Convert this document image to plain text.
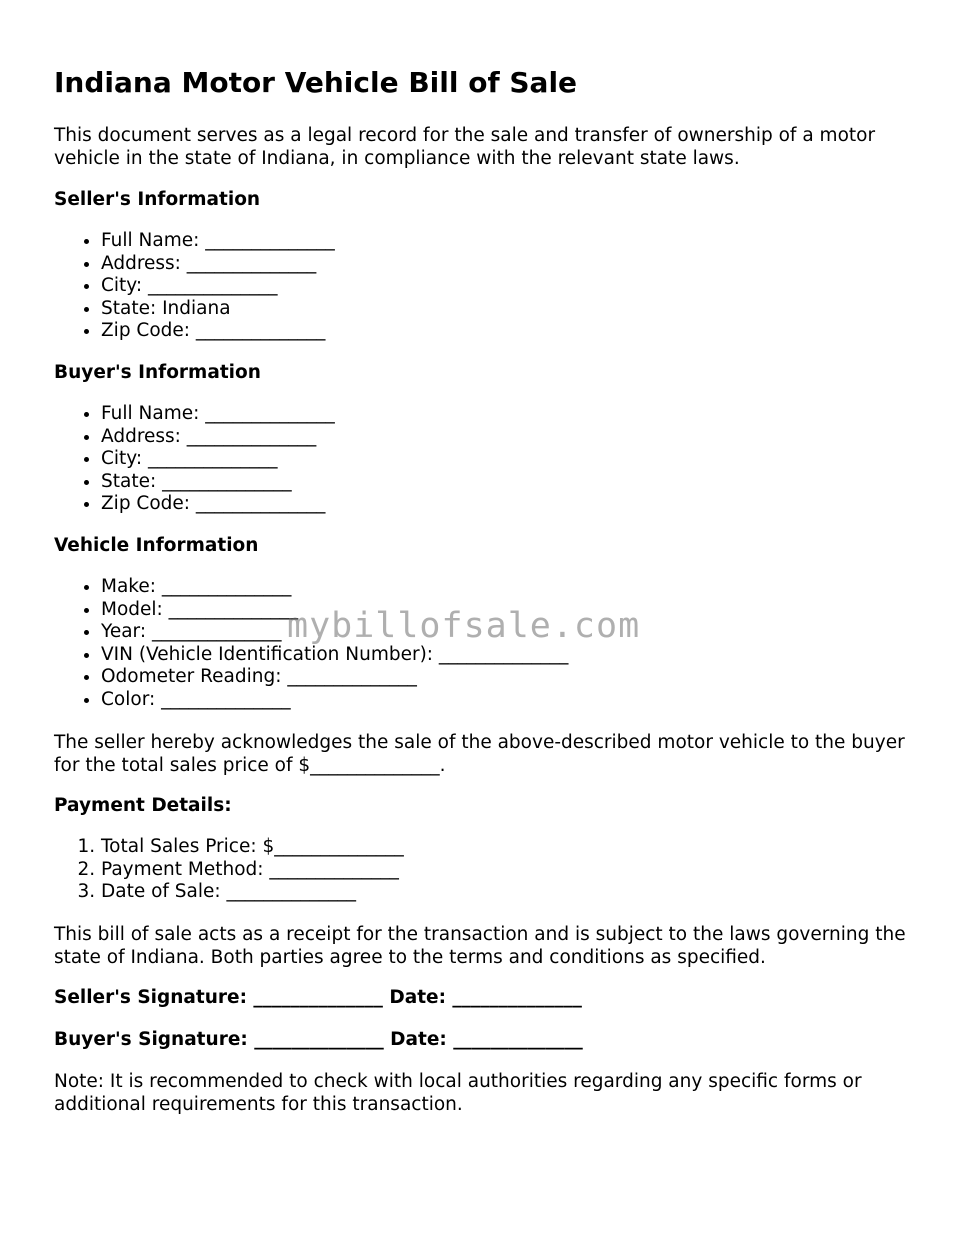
Indiana Motor Vehicle Bill of Sale

This document serves as a legal record for the sale and transfer of ownership of a motor vehicle in the state of Indiana, in compliance with the relevant state laws.

Seller's Information

• Full Name: ______________
• Address: ______________
• City: ______________
• State: Indiana
• Zip Code: ______________

Buyer's Information

• Full Name: ______________
• Address: ______________
• City: ______________
• State: ______________
• Zip Code: ______________

Vehicle Information

• Make: ______________
• Model: ______________
• Year: ______________
• VIN (Vehicle Identification Number): ______________
• Odometer Reading: ______________
• Color: ______________

The seller hereby acknowledges the sale of the above-described motor vehicle to the buyer for the total sales price of $______________.

Payment Details:

1. Total Sales Price: $______________
2. Payment Method: ______________
3. Date of Sale: ______________

This bill of sale acts as a receipt for the transaction and is subject to the laws governing the state of Indiana. Both parties agree to the terms and conditions as specified.

Seller's Signature: ______________ Date: ______________

Buyer's Signature: ______________ Date: ______________

Note: It is recommended to check with local authorities regarding any specific forms or additional requirements for this transaction.

mybillofsale.com
